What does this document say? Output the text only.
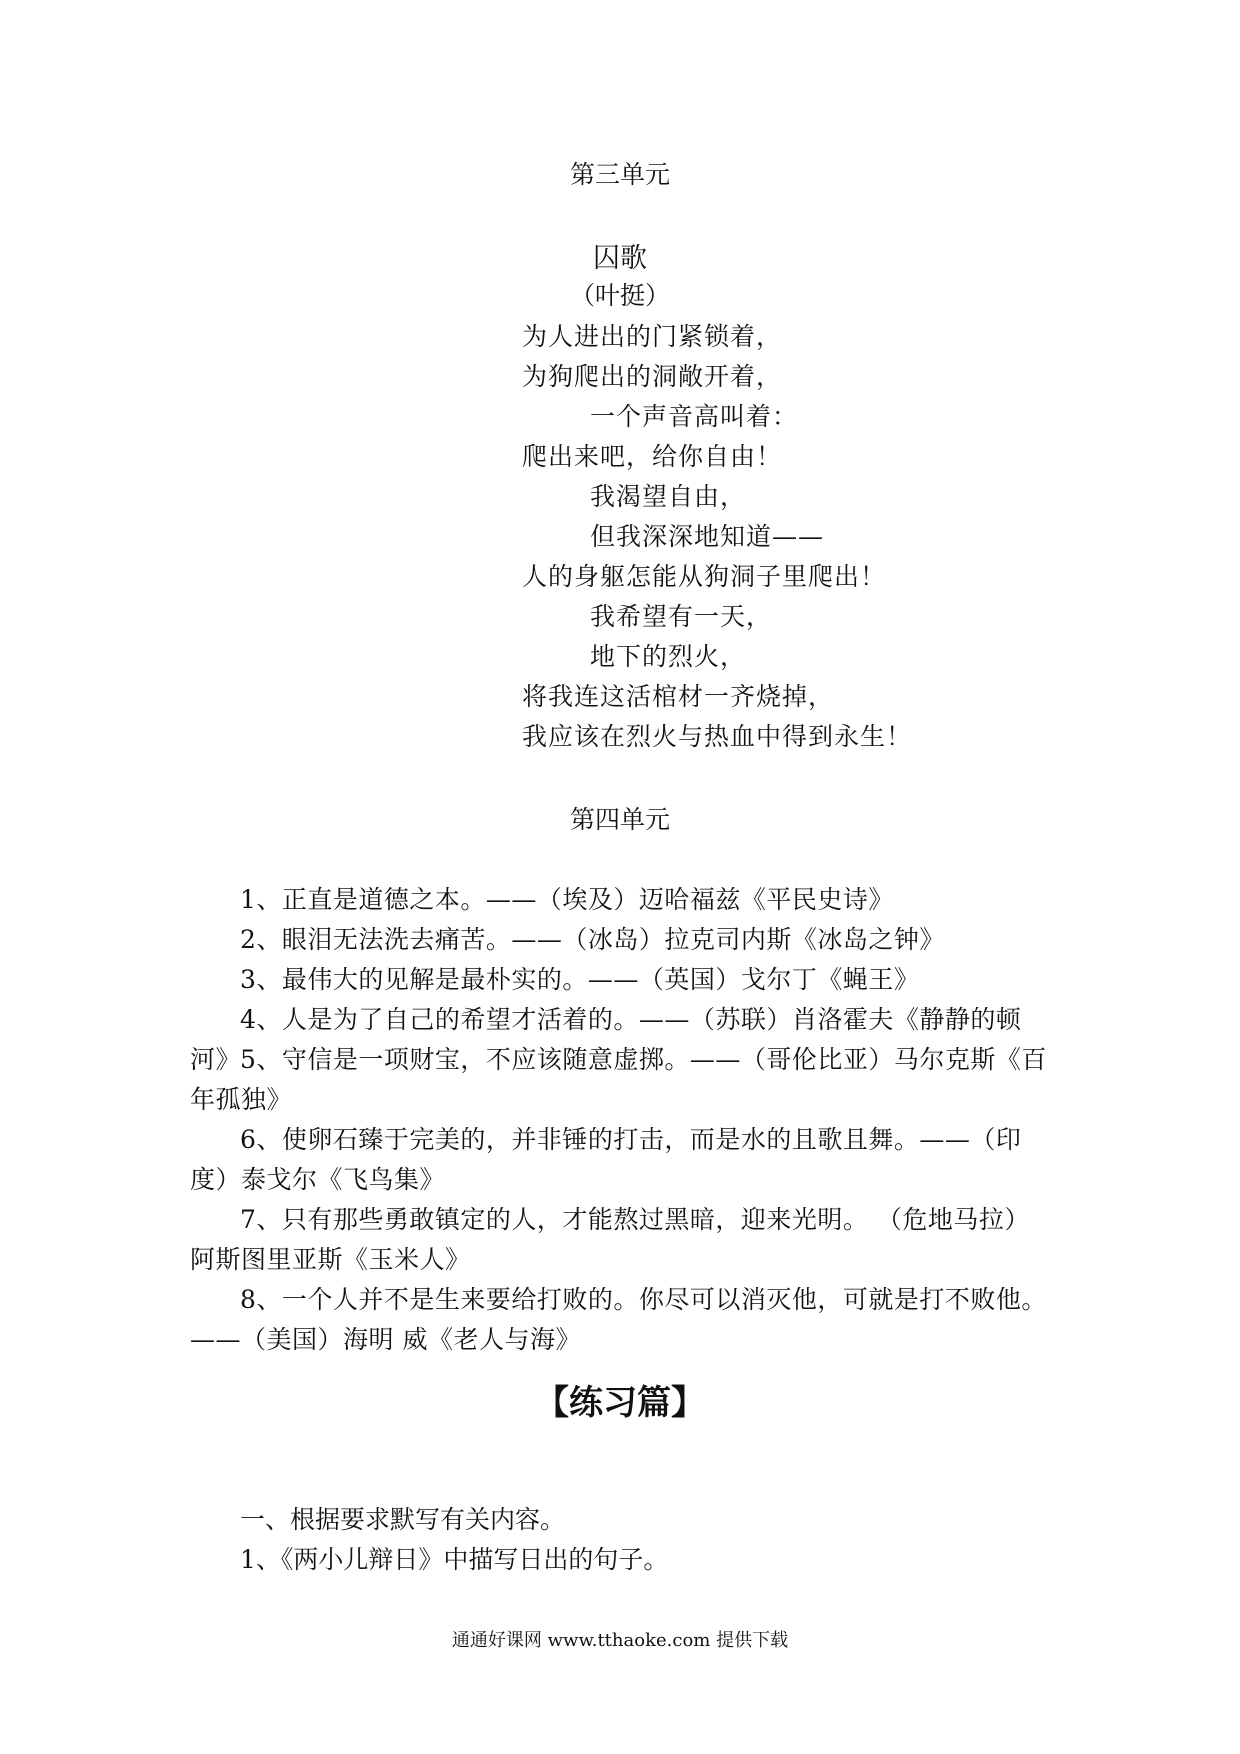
第三单元
囚歌
（叶挺）
为人进出的门紧锁着，
为狗爬出的洞敞开着，
一个声音高叫着：
爬出来吧，给你自由！
我渴望自由，
但我深深地知道——
人的身躯怎能从狗洞子里爬出！
我希望有一天，
地下的烈火，
将我连这活棺材一齐烧掉，
我应该在烈火与热血中得到永生！
第四单元
1、正直是道德之本。——（埃及）迈哈福兹《平民史诗》
2、眼泪无法洗去痛苦。——（冰岛）拉克司内斯《冰岛之钟》
3、最伟大的见解是最朴实的。——（英国）戈尔丁《蝇王》
4、人是为了自己的希望才活着的。——（苏联）肖洛霍夫《静静的顿河》
5、守信是一项财宝，不应该随意虚掷。——（哥伦比亚）马尔克斯《百年孤独》
6、使卵石臻于完美的，并非锤的打击，而是水的且歌且舞。——（印度）泰戈尔《飞鸟集》
7、只有那些勇敢镇定的人，才能熬过黑暗，迎来光明。 （危地马拉）阿斯图里亚斯《玉米人》
8、一个人并不是生来要给打败的。你尽可以消灭他，可就是打不败他。——（美国）海明 威《老人与海》
【练习篇】
一、根据要求默写有关内容。
1、《两小儿辩日》中描写日出的句子。
通通好课网 www.tthaoke.com 提供下载
